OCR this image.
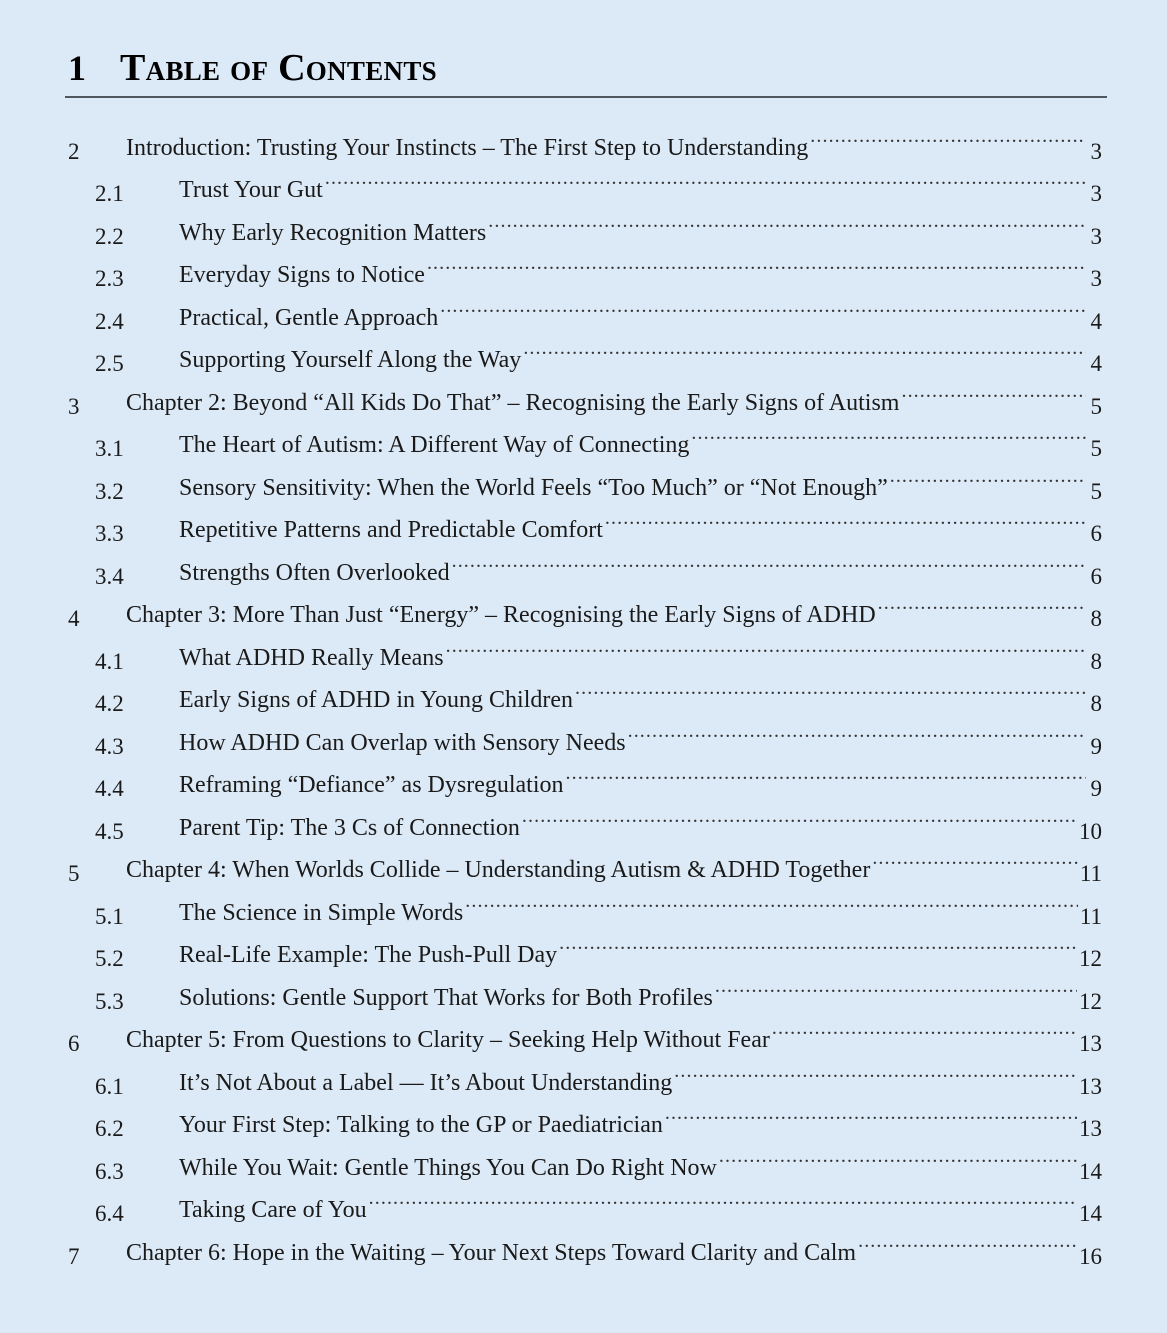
1 Table of Contents
2	Introduction: Trusting Your Instincts – The First Step to Understanding .....	3
2.1	Trust Your Gut .....	3
2.2	Why Early Recognition Matters .....	3
2.3	Everyday Signs to Notice .....	3
2.4	Practical, Gentle Approach .....	4
2.5	Supporting Yourself Along the Way .....	4
3	Chapter 2: Beyond “All Kids Do That” – Recognising the Early Signs of Autism .....	5
3.1	The Heart of Autism: A Different Way of Connecting .....	5
3.2	Sensory Sensitivity: When the World Feels “Too Much” or “Not Enough” .....	5
3.3	Repetitive Patterns and Predictable Comfort .....	6
3.4	Strengths Often Overlooked .....	6
4	Chapter 3: More Than Just “Energy” – Recognising the Early Signs of ADHD .....	8
4.1	What ADHD Really Means .....	8
4.2	Early Signs of ADHD in Young Children .....	8
4.3	How ADHD Can Overlap with Sensory Needs .....	9
4.4	Reframing “Defiance” as Dysregulation .....	9
4.5	Parent Tip: The 3 Cs of Connection .....	10
5	Chapter 4: When Worlds Collide – Understanding Autism & ADHD Together .....	11
5.1	The Science in Simple Words .....	11
5.2	Real-Life Example: The Push-Pull Day .....	12
5.3	Solutions: Gentle Support That Works for Both Profiles .....	12
6	Chapter 5: From Questions to Clarity – Seeking Help Without Fear .....	13
6.1	It’s Not About a Label — It’s About Understanding .....	13
6.2	Your First Step: Talking to the GP or Paediatrician .....	13
6.3	While You Wait: Gentle Things You Can Do Right Now .....	14
6.4	Taking Care of You .....	14
7	Chapter 6: Hope in the Waiting – Your Next Steps Toward Clarity and Calm .....	16
